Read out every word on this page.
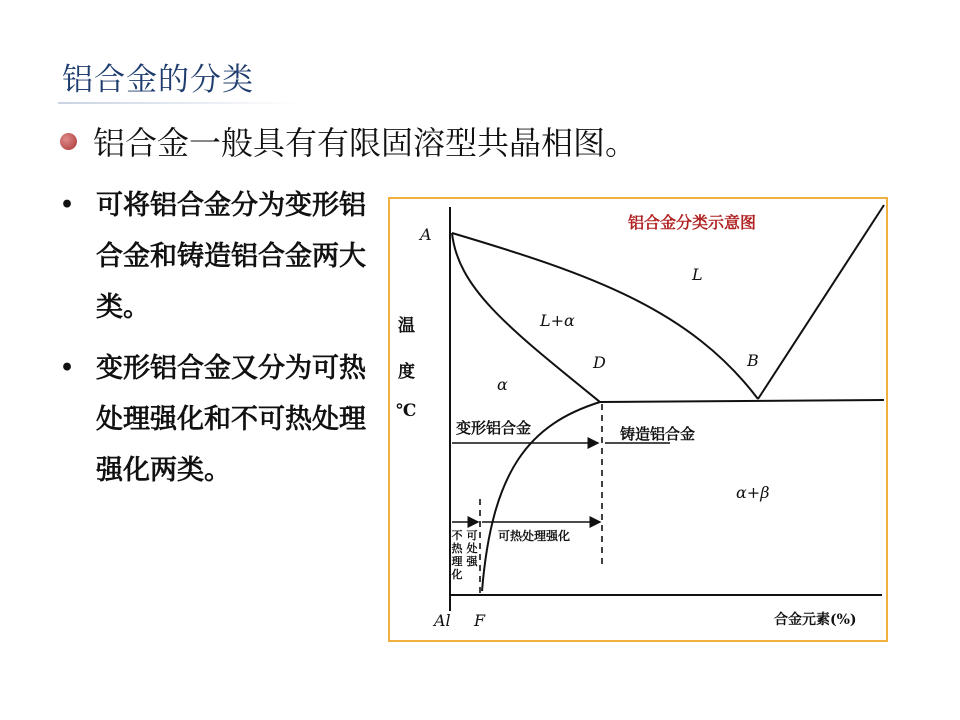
铝合金的分类
铝合金一般具有有限固溶型共晶相图。
• 可将铝合金分为变形铝合金和铸造铝合金两大类。
• 变形铝合金又分为可热处理强化和不可热处理强化两类。
铝合金分类示意图
温
度
℃
A
B
D
F
Al
L
L+α
α
α+β
变形铝合金	铸造铝合金
可热处理强化
不热理化
可处强
合金元素(%)
